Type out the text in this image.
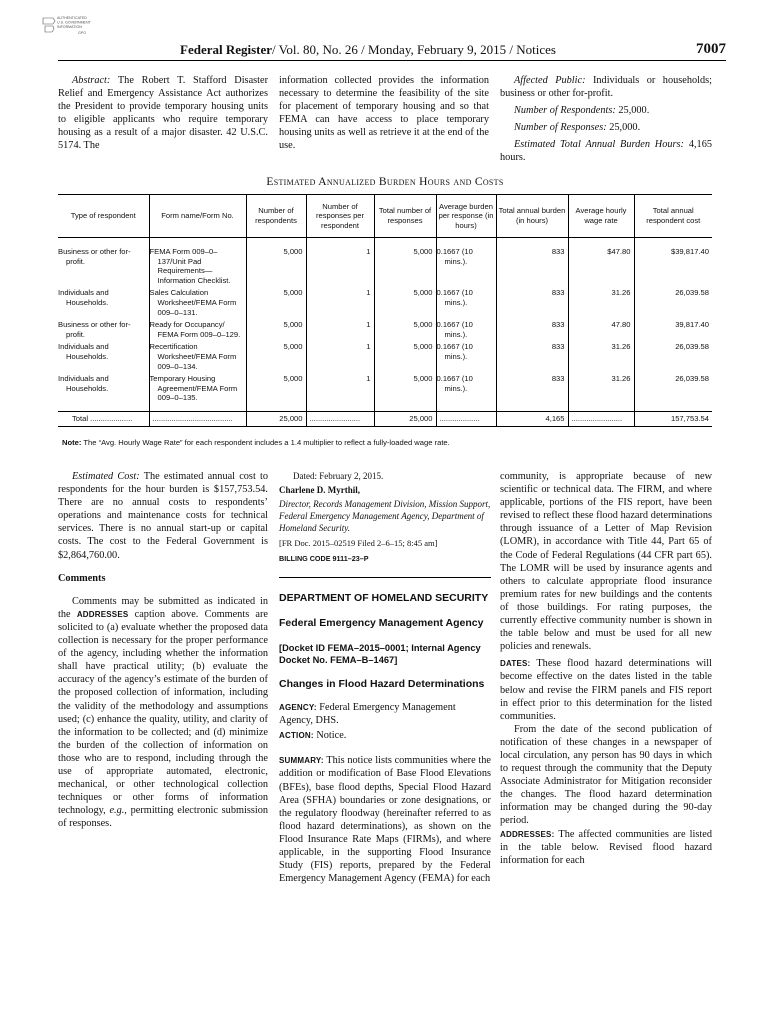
AUTHENTICATED
U.S. GOVERNMENT
INFORMATION
GPO
Federal Register/ Vol. 80, No. 26 / Monday, February 9, 2015 / Notices	7007

Abstract: The Robert T. Stafford Disaster Relief and Emergency Assistance Act authorizes the President to provide temporary housing units to eligible applicants who require temporary housing as a result of a major disaster. 42 U.S.C. 5174. The

information collected provides the information necessary to determine the feasibility of the site for placement of temporary housing and so that FEMA can have access to place temporary housing units as well as retrieve it at the end of the use.

Affected Public: Individuals or households; business or other for-profit.

Number of Respondents: 25,000.

Number of Responses: 25,000.

Estimated Total Annual Burden Hours: 4,165 hours.

Estimated Annualized Burden Hours and Costs
Type of respondent	Form name/Form No.	Number of respondents	Number of responses per respondent	Total number of responses	Average burden per response (in hours)	Total annual burden (in hours)	Average hourly wage rate	Total annual respondent cost
Business or other for-profit.	FEMA Form 009–0–137/Unit Pad Requirements—Information Checklist.	5,000	1	5,000	0.1667 (10 mins.).	833	$47.80	$39,817.40
Individuals and Households.	Sales Calculation Worksheet/FEMA Form 009–0–131.	5,000	1	5,000	0.1667 (10 mins.).	833	31.26	26,039.58
Business or other for-profit.	Ready for Occupancy/ FEMA Form 009–0–129.	5,000	1	5,000	0.1667 (10 mins.).	833	47.80	39,817.40
Individuals and Households.	Recertification Worksheet/FEMA Form 009–0–134.	5,000	1	5,000	0.1667 (10 mins.).	833	31.26	26,039.58
Individuals and Households.	Temporary Housing Agreement/FEMA Form 009–0–135.	5,000	1	5,000	0.1667 (10 mins.).	833	31.26	26,039.58
Total ....................	......................................	25,000	........................	25,000	...................	4,165	........................	157,753.54
Note: The “Avg. Hourly Wage Rate” for each respondent includes a 1.4 multiplier to reflect a fully-loaded wage rate.

Estimated Cost: The estimated annual cost to respondents for the hour burden is $157,753.54. There are no annual costs to respondents’ operations and maintenance costs for technical services. There is no annual start-up or capital costs. The cost to the Federal Government is $2,864,760.00.

Comments

Comments may be submitted as indicated in the ADDRESSES caption above. Comments are solicited to (a) evaluate whether the proposed data collection is necessary for the proper performance of the agency, including whether the information shall have practical utility; (b) evaluate the accuracy of the agency’s estimate of the burden of the proposed collection of information, including the validity of the methodology and assumptions used; (c) enhance the quality, utility, and clarity of the information to be collected; and (d) minimize the burden of the collection of information on those who are to respond, including through the use of appropriate automated, electronic, mechanical, or other technological collection techniques or other forms of information technology, e.g., permitting electronic submission of responses.

Dated: February 2, 2015.

Charlene D. Myrthil,

Director, Records Management Division, Mission Support, Federal Emergency Management Agency, Department of Homeland Security.

[FR Doc. 2015–02519 Filed 2–6–15; 8:45 am]

BILLING CODE 9111–23–P

DEPARTMENT OF HOMELAND SECURITY

Federal Emergency Management Agency

[Docket ID FEMA–2015–0001; Internal Agency Docket No. FEMA–B–1467]

Changes in Flood Hazard Determinations

AGENCY: Federal Emergency Management Agency, DHS.

ACTION: Notice.

SUMMARY: This notice lists communities where the addition or modification of Base Flood Elevations (BFEs), base flood depths, Special Flood Hazard Area (SFHA) boundaries or zone designations, or the regulatory floodway (hereinafter referred to as flood hazard determinations), as shown on the Flood Insurance Rate Maps (FIRMs), and where applicable, in the supporting Flood Insurance Study (FIS) reports, prepared by the Federal Emergency Management Agency (FEMA) for each

community, is appropriate because of new scientific or technical data. The FIRM, and where applicable, portions of the FIS report, have been revised to reflect these flood hazard determinations through issuance of a Letter of Map Revision (LOMR), in accordance with Title 44, Part 65 of the Code of Federal Regulations (44 CFR part 65). The LOMR will be used by insurance agents and others to calculate appropriate flood insurance premium rates for new buildings and the contents of those buildings. For rating purposes, the currently effective community number is shown in the table below and must be used for all new policies and renewals.

DATES: These flood hazard determinations will become effective on the dates listed in the table below and revise the FIRM panels and FIS report in effect prior to this determination for the listed communities.

From the date of the second publication of notification of these changes in a newspaper of local circulation, any person has 90 days in which to request through the community that the Deputy Associate Administrator for Mitigation reconsider the changes. The flood hazard determination information may be changed during the 90-day period.

ADDRESSES: The affected communities are listed in the table below. Revised flood hazard information for each
